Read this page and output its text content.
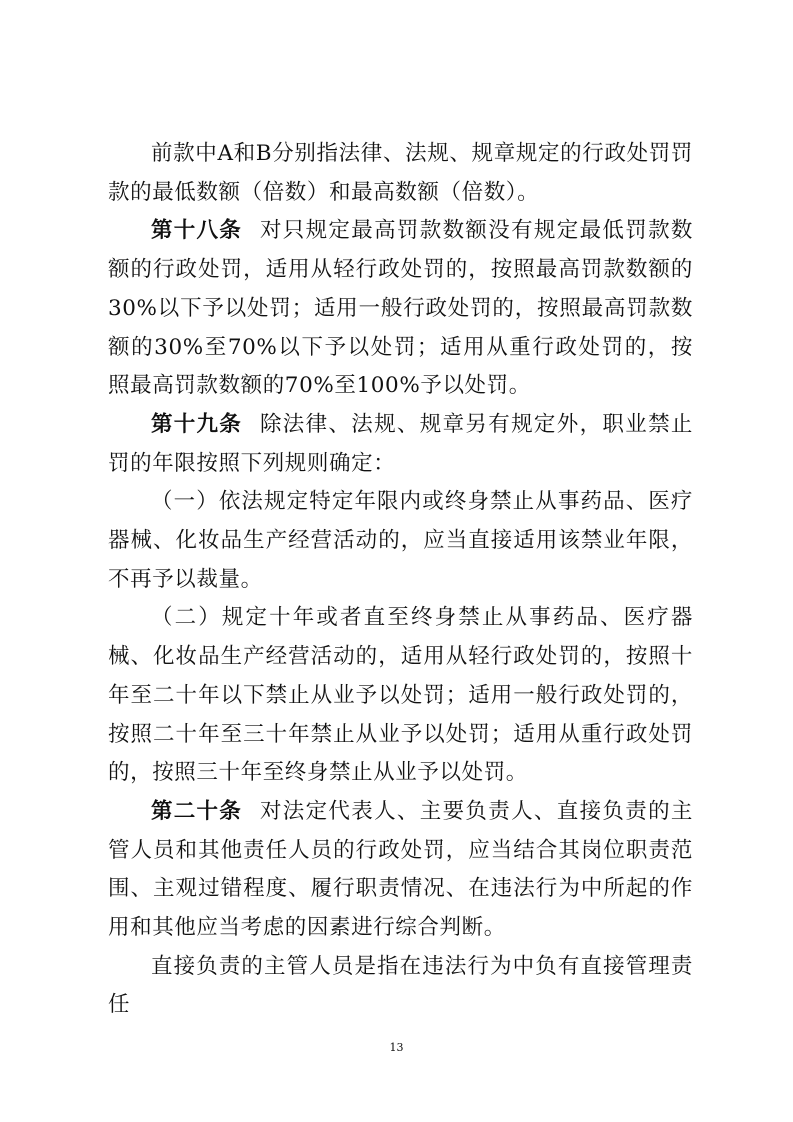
前款中A和B分别指法律、法规、规章规定的行政处罚罚款的最低数额（倍数）和最高数额（倍数）。

第十八条 对只规定最高罚款数额没有规定最低罚款数额的行政处罚，适用从轻行政处罚的，按照最高罚款数额的30%以下予以处罚；适用一般行政处罚的，按照最高罚款数额的30%至70%以下予以处罚；适用从重行政处罚的，按照最高罚款数额的70%至100%予以处罚。

第十九条 除法律、法规、规章另有规定外，职业禁止罚的年限按照下列规则确定：

（一）依法规定特定年限内或终身禁止从事药品、医疗器械、化妆品生产经营活动的，应当直接适用该禁业年限，不再予以裁量。

（二）规定十年或者直至终身禁止从事药品、医疗器械、化妆品生产经营活动的，适用从轻行政处罚的，按照十年至二十年以下禁止从业予以处罚；适用一般行政处罚的，按照二十年至三十年禁止从业予以处罚；适用从重行政处罚的，按照三十年至终身禁止从业予以处罚。

第二十条 对法定代表人、主要负责人、直接负责的主管人员和其他责任人员的行政处罚，应当结合其岗位职责范围、主观过错程度、履行职责情况、在违法行为中所起的作用和其他应当考虑的因素进行综合判断。

直接负责的主管人员是指在违法行为中负有直接管理责任

13
